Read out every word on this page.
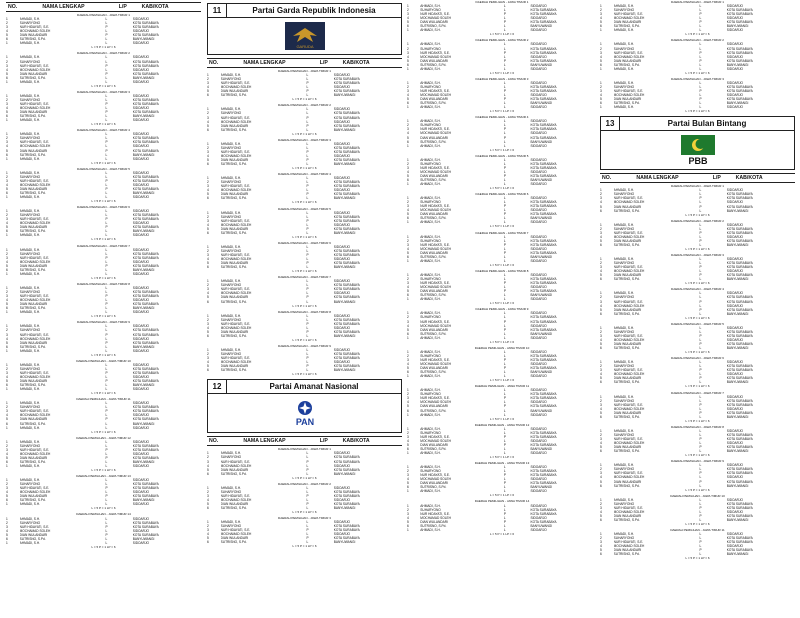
NO.	NAMA LENGKAP	L/P	KAB/KOTA
DAERAH PEMILIHAN - JAWA TIMUR 1
1	AHMADI, S.H.	L	SIDOARJO
2	SUHARYONO	L	KOTA SURABAYA
3	NUR HIDAYATI, S.E.	P	KOTA SURABAYA
4	MOCHAMAD SOLEH	L	SIDOARJO
5	DIAN WULANDARI	P	KOTA SURABAYA
6	SUTRISNO, S.Pd.	L	BANYUWANGI
1	AHMADI, S.H.	L	SIDOARJO
L = 5 P = 1 LP = 6
DAERAH PEMILIHAN - JAWA TIMUR 2
1	AHMADI, S.H.	L	SIDOARJO
2	SUHARYONO	L	KOTA SURABAYA
3	NUR HIDAYATI, S.E.	P	KOTA SURABAYA
4	MOCHAMAD SOLEH	L	SIDOARJO
5	DIAN WULANDARI	P	KOTA SURABAYA
6	SUTRISNO, S.Pd.	L	BANYUWANGI
1	AHMADI, S.H.	L	SIDOARJO
L = 5 P = 1 LP = 6
DAERAH PEMILIHAN - JAWA TIMUR 3
1	AHMADI, S.H.	L	SIDOARJO
2	SUHARYONO	L	KOTA SURABAYA
3	NUR HIDAYATI, S.E.	P	KOTA SURABAYA
4	MOCHAMAD SOLEH	L	SIDOARJO
5	DIAN WULANDARI	P	KOTA SURABAYA
6	SUTRISNO, S.Pd.	L	BANYUWANGI
1	AHMADI, S.H.	L	SIDOARJO
L = 5 P = 1 LP = 6
DAERAH PEMILIHAN - JAWA TIMUR 4
1	AHMADI, S.H.	L	SIDOARJO
2	SUHARYONO	L	KOTA SURABAYA
3	NUR HIDAYATI, S.E.	P	KOTA SURABAYA
4	MOCHAMAD SOLEH	L	SIDOARJO
5	DIAN WULANDARI	P	KOTA SURABAYA
6	SUTRISNO, S.Pd.	L	BANYUWANGI
1	AHMADI, S.H.	L	SIDOARJO
L = 5 P = 1 LP = 6
DAERAH PEMILIHAN - JAWA TIMUR 5
1	AHMADI, S.H.	L	SIDOARJO
2	SUHARYONO	L	KOTA SURABAYA
3	NUR HIDAYATI, S.E.	P	KOTA SURABAYA
4	MOCHAMAD SOLEH	L	SIDOARJO
5	DIAN WULANDARI	P	KOTA SURABAYA
6	SUTRISNO, S.Pd.	L	BANYUWANGI
1	AHMADI, S.H.	L	SIDOARJO
L = 5 P = 1 LP = 6
DAERAH PEMILIHAN - JAWA TIMUR 6
1	AHMADI, S.H.	L	SIDOARJO
2	SUHARYONO	L	KOTA SURABAYA
3	NUR HIDAYATI, S.E.	P	KOTA SURABAYA
4	MOCHAMAD SOLEH	L	SIDOARJO
5	DIAN WULANDARI	P	KOTA SURABAYA
6	SUTRISNO, S.Pd.	L	BANYUWANGI
1	AHMADI, S.H.	L	SIDOARJO
L = 5 P = 1 LP = 6
DAERAH PEMILIHAN - JAWA TIMUR 7
1	AHMADI, S.H.	L	SIDOARJO
2	SUHARYONO	L	KOTA SURABAYA
3	NUR HIDAYATI, S.E.	P	KOTA SURABAYA
4	MOCHAMAD SOLEH	L	SIDOARJO
5	DIAN WULANDARI	P	KOTA SURABAYA
6	SUTRISNO, S.Pd.	L	BANYUWANGI
1	AHMADI, S.H.	L	SIDOARJO
L = 5 P = 1 LP = 6
DAERAH PEMILIHAN - JAWA TIMUR 8
1	AHMADI, S.H.	L	SIDOARJO
2	SUHARYONO	L	KOTA SURABAYA
3	NUR HIDAYATI, S.E.	P	KOTA SURABAYA
4	MOCHAMAD SOLEH	L	SIDOARJO
5	DIAN WULANDARI	P	KOTA SURABAYA
6	SUTRISNO, S.Pd.	L	BANYUWANGI
1	AHMADI, S.H.	L	SIDOARJO
L = 5 P = 1 LP = 6
DAERAH PEMILIHAN - JAWA TIMUR 9
1	AHMADI, S.H.	L	SIDOARJO
2	SUHARYONO	L	KOTA SURABAYA
3	NUR HIDAYATI, S.E.	P	KOTA SURABAYA
4	MOCHAMAD SOLEH	L	SIDOARJO
5	DIAN WULANDARI	P	KOTA SURABAYA
6	SUTRISNO, S.Pd.	L	BANYUWANGI
1	AHMADI, S.H.	L	SIDOARJO
L = 5 P = 1 LP = 6
DAERAH PEMILIHAN - JAWA TIMUR 10
1	AHMADI, S.H.	L	SIDOARJO
2	SUHARYONO	L	KOTA SURABAYA
3	NUR HIDAYATI, S.E.	P	KOTA SURABAYA
4	MOCHAMAD SOLEH	L	SIDOARJO
5	DIAN WULANDARI	P	KOTA SURABAYA
6	SUTRISNO, S.Pd.	L	BANYUWANGI
1	AHMADI, S.H.	L	SIDOARJO
L = 5 P = 1 LP = 6
DAERAH PEMILIHAN - JAWA TIMUR 11
1	AHMADI, S.H.	L	SIDOARJO
2	SUHARYONO	L	KOTA SURABAYA
3	NUR HIDAYATI, S.E.	P	KOTA SURABAYA
4	MOCHAMAD SOLEH	L	SIDOARJO
5	DIAN WULANDARI	P	KOTA SURABAYA
6	SUTRISNO, S.Pd.	L	BANYUWANGI
1	AHMADI, S.H.	L	SIDOARJO
L = 5 P = 1 LP = 6
DAERAH PEMILIHAN - JAWA TIMUR 12
1	AHMADI, S.H.	L	SIDOARJO
2	SUHARYONO	L	KOTA SURABAYA
3	NUR HIDAYATI, S.E.	P	KOTA SURABAYA
4	MOCHAMAD SOLEH	L	SIDOARJO
5	DIAN WULANDARI	P	KOTA SURABAYA
6	SUTRISNO, S.Pd.	L	BANYUWANGI
1	AHMADI, S.H.	L	SIDOARJO
L = 5 P = 1 LP = 6
DAERAH PEMILIHAN - JAWA TIMUR 13
1	AHMADI, S.H.	L	SIDOARJO
2	SUHARYONO	L	KOTA SURABAYA
3	NUR HIDAYATI, S.E.	P	KOTA SURABAYA
4	MOCHAMAD SOLEH	L	SIDOARJO
5	DIAN WULANDARI	P	KOTA SURABAYA
6	SUTRISNO, S.Pd.	L	BANYUWANGI
1	AHMADI, S.H.	L	SIDOARJO
L = 5 P = 1 LP = 6
DAERAH PEMILIHAN - JAWA TIMUR 14
1	AHMADI, S.H.	L	SIDOARJO
2	SUHARYONO	L	KOTA SURABAYA
3	NUR HIDAYATI, S.E.	P	KOTA SURABAYA
4	MOCHAMAD SOLEH	L	SIDOARJO
5	DIAN WULANDARI	P	KOTA SURABAYA
6	SUTRISNO, S.Pd.	L	BANYUWANGI
1	AHMADI, S.H.	L	SIDOARJO
L = 5 P = 1 LP = 6
11	Partai Garda Republik Indonesia
GARUDA
NO.	NAMA LENGKAP	L/P	KAB/KOTA
DAERAH PEMILIHAN - JAWA TIMUR 1
1	AHMADI, S.H.	L	SIDOARJO
2	SUHARYONO	L	KOTA SURABAYA
3	NUR HIDAYATI, S.E.	P	KOTA SURABAYA
4	MOCHAMAD SOLEH	L	SIDOARJO
5	DIAN WULANDARI	P	KOTA SURABAYA
6	SUTRISNO, S.Pd.	L	BANYUWANGI
L = 5 P = 1 LP = 6
DAERAH PEMILIHAN - JAWA TIMUR 2
1	AHMADI, S.H.	L	SIDOARJO
2	SUHARYONO	L	KOTA SURABAYA
3	NUR HIDAYATI, S.E.	P	KOTA SURABAYA
4	MOCHAMAD SOLEH	L	SIDOARJO
5	DIAN WULANDARI	P	KOTA SURABAYA
6	SUTRISNO, S.Pd.	L	BANYUWANGI
L = 5 P = 1 LP = 6
DAERAH PEMILIHAN - JAWA TIMUR 3
1	AHMADI, S.H.	L	SIDOARJO
2	SUHARYONO	L	KOTA SURABAYA
3	NUR HIDAYATI, S.E.	P	KOTA SURABAYA
4	MOCHAMAD SOLEH	L	SIDOARJO
5	DIAN WULANDARI	P	KOTA SURABAYA
6	SUTRISNO, S.Pd.	L	BANYUWANGI
L = 5 P = 1 LP = 6
DAERAH PEMILIHAN - JAWA TIMUR 4
1	AHMADI, S.H.	L	SIDOARJO
2	SUHARYONO	L	KOTA SURABAYA
3	NUR HIDAYATI, S.E.	P	KOTA SURABAYA
4	MOCHAMAD SOLEH	L	SIDOARJO
5	DIAN WULANDARI	P	KOTA SURABAYA
6	SUTRISNO, S.Pd.	L	BANYUWANGI
L = 5 P = 1 LP = 6
DAERAH PEMILIHAN - JAWA TIMUR 5
1	AHMADI, S.H.	L	SIDOARJO
2	SUHARYONO	L	KOTA SURABAYA
3	NUR HIDAYATI, S.E.	P	KOTA SURABAYA
4	MOCHAMAD SOLEH	L	SIDOARJO
5	DIAN WULANDARI	P	KOTA SURABAYA
6	SUTRISNO, S.Pd.	L	BANYUWANGI
L = 5 P = 1 LP = 6
DAERAH PEMILIHAN - JAWA TIMUR 6
1	AHMADI, S.H.	L	SIDOARJO
2	SUHARYONO	L	KOTA SURABAYA
3	NUR HIDAYATI, S.E.	P	KOTA SURABAYA
4	MOCHAMAD SOLEH	L	SIDOARJO
5	DIAN WULANDARI	P	KOTA SURABAYA
6	SUTRISNO, S.Pd.	L	BANYUWANGI
L = 5 P = 1 LP = 6
DAERAH PEMILIHAN - JAWA TIMUR 7
1	AHMADI, S.H.	L	SIDOARJO
2	SUHARYONO	L	KOTA SURABAYA
3	NUR HIDAYATI, S.E.	P	KOTA SURABAYA
4	MOCHAMAD SOLEH	L	SIDOARJO
5	DIAN WULANDARI	P	KOTA SURABAYA
6	SUTRISNO, S.Pd.	L	BANYUWANGI
L = 5 P = 1 LP = 6
DAERAH PEMILIHAN - JAWA TIMUR 8
1	AHMADI, S.H.	L	SIDOARJO
2	SUHARYONO	L	KOTA SURABAYA
3	NUR HIDAYATI, S.E.	P	KOTA SURABAYA
4	MOCHAMAD SOLEH	L	SIDOARJO
5	DIAN WULANDARI	P	KOTA SURABAYA
6	SUTRISNO, S.Pd.	L	BANYUWANGI
L = 5 P = 1 LP = 6
DAERAH PEMILIHAN - JAWA TIMUR 9
1	AHMADI, S.H.	L	SIDOARJO
2	SUHARYONO	L	KOTA SURABAYA
3	NUR HIDAYATI, S.E.	P	KOTA SURABAYA
4	MOCHAMAD SOLEH	L	SIDOARJO
5	DIAN WULANDARI	P	KOTA SURABAYA
6	SUTRISNO, S.Pd.	L	BANYUWANGI
L = 5 P = 1 LP = 6
12	Partai Amanat Nasional
PAN
NO.	NAMA LENGKAP	L/P	KAB/KOTA
DAERAH PEMILIHAN - JAWA TIMUR 1
1	AHMADI, S.H.	L	SIDOARJO
2	SUHARYONO	L	KOTA SURABAYA
3	NUR HIDAYATI, S.E.	P	KOTA SURABAYA
4	MOCHAMAD SOLEH	L	SIDOARJO
5	DIAN WULANDARI	P	KOTA SURABAYA
6	SUTRISNO, S.Pd.	L	BANYUWANGI
L = 5 P = 1 LP = 6
DAERAH PEMILIHAN - JAWA TIMUR 2
1	AHMADI, S.H.	L	SIDOARJO
2	SUHARYONO	L	KOTA SURABAYA
3	NUR HIDAYATI, S.E.	P	KOTA SURABAYA
4	MOCHAMAD SOLEH	L	SIDOARJO
5	DIAN WULANDARI	P	KOTA SURABAYA
6	SUTRISNO, S.Pd.	L	BANYUWANGI
L = 5 P = 1 LP = 6
DAERAH PEMILIHAN - JAWA TIMUR 3
1	AHMADI, S.H.	L	SIDOARJO
2	SUHARYONO	L	KOTA SURABAYA
3	NUR HIDAYATI, S.E.	P	KOTA SURABAYA
4	MOCHAMAD SOLEH	L	SIDOARJO
5	DIAN WULANDARI	P	KOTA SURABAYA
6	SUTRISNO, S.Pd.	L	BANYUWANGI
L = 5 P = 1 LP = 6
DAERAH PEMILIHAN - JAWA TIMUR 1
1	AHMADI, S.H.	L	SIDOARJO
2	SUHARYONO	L	KOTA SURABAYA
3	NUR HIDAYATI, S.E.	P	KOTA SURABAYA
4	MOCHAMAD SOLEH	L	SIDOARJO
5	DIAN WULANDARI	P	KOTA SURABAYA
6	SUTRISNO, S.Pd.	L	BANYUWANGI
1	AHMADI, S.H.	L	SIDOARJO
L = 5 P = 1 LP = 6
DAERAH PEMILIHAN - JAWA TIMUR 2
1	AHMADI, S.H.	L	SIDOARJO
2	SUHARYONO	L	KOTA SURABAYA
3	NUR HIDAYATI, S.E.	P	KOTA SURABAYA
4	MOCHAMAD SOLEH	L	SIDOARJO
5	DIAN WULANDARI	P	KOTA SURABAYA
6	SUTRISNO, S.Pd.	L	BANYUWANGI
1	AHMADI, S.H.	L	SIDOARJO
L = 5 P = 1 LP = 6
DAERAH PEMILIHAN - JAWA TIMUR 3
1	AHMADI, S.H.	L	SIDOARJO
2	SUHARYONO	L	KOTA SURABAYA
3	NUR HIDAYATI, S.E.	P	KOTA SURABAYA
4	MOCHAMAD SOLEH	L	SIDOARJO
5	DIAN WULANDARI	P	KOTA SURABAYA
6	SUTRISNO, S.Pd.	L	BANYUWANGI
1	AHMADI, S.H.	L	SIDOARJO
L = 5 P = 1 LP = 6
DAERAH PEMILIHAN - JAWA TIMUR 4
1	AHMADI, S.H.	L	SIDOARJO
2	SUHARYONO	L	KOTA SURABAYA
3	NUR HIDAYATI, S.E.	P	KOTA SURABAYA
4	MOCHAMAD SOLEH	L	SIDOARJO
5	DIAN WULANDARI	P	KOTA SURABAYA
6	SUTRISNO, S.Pd.	L	BANYUWANGI
1	AHMADI, S.H.	L	SIDOARJO
L = 5 P = 1 LP = 6
DAERAH PEMILIHAN - JAWA TIMUR 5
1	AHMADI, S.H.	L	SIDOARJO
2	SUHARYONO	L	KOTA SURABAYA
3	NUR HIDAYATI, S.E.	P	KOTA SURABAYA
4	MOCHAMAD SOLEH	L	SIDOARJO
5	DIAN WULANDARI	P	KOTA SURABAYA
6	SUTRISNO, S.Pd.	L	BANYUWANGI
1	AHMADI, S.H.	L	SIDOARJO
L = 5 P = 1 LP = 6
DAERAH PEMILIHAN - JAWA TIMUR 6
1	AHMADI, S.H.	L	SIDOARJO
2	SUHARYONO	L	KOTA SURABAYA
3	NUR HIDAYATI, S.E.	P	KOTA SURABAYA
4	MOCHAMAD SOLEH	L	SIDOARJO
5	DIAN WULANDARI	P	KOTA SURABAYA
6	SUTRISNO, S.Pd.	L	BANYUWANGI
1	AHMADI, S.H.	L	SIDOARJO
L = 5 P = 1 LP = 6
DAERAH PEMILIHAN - JAWA TIMUR 7
1	AHMADI, S.H.	L	SIDOARJO
2	SUHARYONO	L	KOTA SURABAYA
3	NUR HIDAYATI, S.E.	P	KOTA SURABAYA
4	MOCHAMAD SOLEH	L	SIDOARJO
5	DIAN WULANDARI	P	KOTA SURABAYA
6	SUTRISNO, S.Pd.	L	BANYUWANGI
1	AHMADI, S.H.	L	SIDOARJO
L = 5 P = 1 LP = 6
DAERAH PEMILIHAN - JAWA TIMUR 8
1	AHMADI, S.H.	L	SIDOARJO
2	SUHARYONO	L	KOTA SURABAYA
3	NUR HIDAYATI, S.E.	P	KOTA SURABAYA
4	MOCHAMAD SOLEH	L	SIDOARJO
5	DIAN WULANDARI	P	KOTA SURABAYA
6	SUTRISNO, S.Pd.	L	BANYUWANGI
1	AHMADI, S.H.	L	SIDOARJO
L = 5 P = 1 LP = 6
DAERAH PEMILIHAN - JAWA TIMUR 9
1	AHMADI, S.H.	L	SIDOARJO
2	SUHARYONO	L	KOTA SURABAYA
3	NUR HIDAYATI, S.E.	P	KOTA SURABAYA
4	MOCHAMAD SOLEH	L	SIDOARJO
5	DIAN WULANDARI	P	KOTA SURABAYA
6	SUTRISNO, S.Pd.	L	BANYUWANGI
1	AHMADI, S.H.	L	SIDOARJO
L = 5 P = 1 LP = 6
DAERAH PEMILIHAN - JAWA TIMUR 10
1	AHMADI, S.H.	L	SIDOARJO
2	SUHARYONO	L	KOTA SURABAYA
3	NUR HIDAYATI, S.E.	P	KOTA SURABAYA
4	MOCHAMAD SOLEH	L	SIDOARJO
5	DIAN WULANDARI	P	KOTA SURABAYA
6	SUTRISNO, S.Pd.	L	BANYUWANGI
1	AHMADI, S.H.	L	SIDOARJO
L = 5 P = 1 LP = 6
DAERAH PEMILIHAN - JAWA TIMUR 11
1	AHMADI, S.H.	L	SIDOARJO
2	SUHARYONO	L	KOTA SURABAYA
3	NUR HIDAYATI, S.E.	P	KOTA SURABAYA
4	MOCHAMAD SOLEH	L	SIDOARJO
5	DIAN WULANDARI	P	KOTA SURABAYA
6	SUTRISNO, S.Pd.	L	BANYUWANGI
1	AHMADI, S.H.	L	SIDOARJO
L = 5 P = 1 LP = 6
DAERAH PEMILIHAN - JAWA TIMUR 12
1	AHMADI, S.H.	L	SIDOARJO
2	SUHARYONO	L	KOTA SURABAYA
3	NUR HIDAYATI, S.E.	P	KOTA SURABAYA
4	MOCHAMAD SOLEH	L	SIDOARJO
5	DIAN WULANDARI	P	KOTA SURABAYA
6	SUTRISNO, S.Pd.	L	BANYUWANGI
1	AHMADI, S.H.	L	SIDOARJO
L = 5 P = 1 LP = 6
DAERAH PEMILIHAN - JAWA TIMUR 13
1	AHMADI, S.H.	L	SIDOARJO
2	SUHARYONO	L	KOTA SURABAYA
3	NUR HIDAYATI, S.E.	P	KOTA SURABAYA
4	MOCHAMAD SOLEH	L	SIDOARJO
5	DIAN WULANDARI	P	KOTA SURABAYA
6	SUTRISNO, S.Pd.	L	BANYUWANGI
1	AHMADI, S.H.	L	SIDOARJO
L = 5 P = 1 LP = 6
DAERAH PEMILIHAN - JAWA TIMUR 14
1	AHMADI, S.H.	L	SIDOARJO
2	SUHARYONO	L	KOTA SURABAYA
3	NUR HIDAYATI, S.E.	P	KOTA SURABAYA
4	MOCHAMAD SOLEH	L	SIDOARJO
5	DIAN WULANDARI	P	KOTA SURABAYA
6	SUTRISNO, S.Pd.	L	BANYUWANGI
1	AHMADI, S.H.	L	SIDOARJO
L = 5 P = 1 LP = 6
DAERAH PEMILIHAN - JAWA TIMUR 1
1	AHMADI, S.H.	L	SIDOARJO
2	SUHARYONO	L	KOTA SURABAYA
3	NUR HIDAYATI, S.E.	P	KOTA SURABAYA
4	MOCHAMAD SOLEH	L	SIDOARJO
5	DIAN WULANDARI	P	KOTA SURABAYA
6	SUTRISNO, S.Pd.	L	BANYUWANGI
1	AHMADI, S.H.	L	SIDOARJO
L = 5 P = 1 LP = 6
DAERAH PEMILIHAN - JAWA TIMUR 2
1	AHMADI, S.H.	L	SIDOARJO
2	SUHARYONO	L	KOTA SURABAYA
3	NUR HIDAYATI, S.E.	P	KOTA SURABAYA
4	MOCHAMAD SOLEH	L	SIDOARJO
5	DIAN WULANDARI	P	KOTA SURABAYA
6	SUTRISNO, S.Pd.	L	BANYUWANGI
1	AHMADI, S.H.	L	SIDOARJO
L = 5 P = 1 LP = 6
DAERAH PEMILIHAN - JAWA TIMUR 3
1	AHMADI, S.H.	L	SIDOARJO
2	SUHARYONO	L	KOTA SURABAYA
3	NUR HIDAYATI, S.E.	P	KOTA SURABAYA
4	MOCHAMAD SOLEH	L	SIDOARJO
5	DIAN WULANDARI	P	KOTA SURABAYA
6	SUTRISNO, S.Pd.	L	BANYUWANGI
1	AHMADI, S.H.	L	SIDOARJO
L = 5 P = 1 LP = 6
13	Partai Bulan Bintang
PBB
NO.	NAMA LENGKAP	L/P	KAB/KOTA
DAERAH PEMILIHAN - JAWA TIMUR 1
1	AHMADI, S.H.	L	SIDOARJO
2	SUHARYONO	L	KOTA SURABAYA
3	NUR HIDAYATI, S.E.	P	KOTA SURABAYA
4	MOCHAMAD SOLEH	L	SIDOARJO
5	DIAN WULANDARI	P	KOTA SURABAYA
6	SUTRISNO, S.Pd.	L	BANYUWANGI
L = 5 P = 1 LP = 6
DAERAH PEMILIHAN - JAWA TIMUR 2
1	AHMADI, S.H.	L	SIDOARJO
2	SUHARYONO	L	KOTA SURABAYA
3	NUR HIDAYATI, S.E.	P	KOTA SURABAYA
4	MOCHAMAD SOLEH	L	SIDOARJO
5	DIAN WULANDARI	P	KOTA SURABAYA
6	SUTRISNO, S.Pd.	L	BANYUWANGI
L = 5 P = 1 LP = 6
DAERAH PEMILIHAN - JAWA TIMUR 3
1	AHMADI, S.H.	L	SIDOARJO
2	SUHARYONO	L	KOTA SURABAYA
3	NUR HIDAYATI, S.E.	P	KOTA SURABAYA
4	MOCHAMAD SOLEH	L	SIDOARJO
5	DIAN WULANDARI	P	KOTA SURABAYA
6	SUTRISNO, S.Pd.	L	BANYUWANGI
L = 5 P = 1 LP = 6
DAERAH PEMILIHAN - JAWA TIMUR 4
1	AHMADI, S.H.	L	SIDOARJO
2	SUHARYONO	L	KOTA SURABAYA
3	NUR HIDAYATI, S.E.	P	KOTA SURABAYA
4	MOCHAMAD SOLEH	L	SIDOARJO
5	DIAN WULANDARI	P	KOTA SURABAYA
6	SUTRISNO, S.Pd.	L	BANYUWANGI
L = 5 P = 1 LP = 6
DAERAH PEMILIHAN - JAWA TIMUR 5
1	AHMADI, S.H.	L	SIDOARJO
2	SUHARYONO	L	KOTA SURABAYA
3	NUR HIDAYATI, S.E.	P	KOTA SURABAYA
4	MOCHAMAD SOLEH	L	SIDOARJO
5	DIAN WULANDARI	P	KOTA SURABAYA
6	SUTRISNO, S.Pd.	L	BANYUWANGI
L = 5 P = 1 LP = 6
DAERAH PEMILIHAN - JAWA TIMUR 6
1	AHMADI, S.H.	L	SIDOARJO
2	SUHARYONO	L	KOTA SURABAYA
3	NUR HIDAYATI, S.E.	P	KOTA SURABAYA
4	MOCHAMAD SOLEH	L	SIDOARJO
5	DIAN WULANDARI	P	KOTA SURABAYA
6	SUTRISNO, S.Pd.	L	BANYUWANGI
L = 5 P = 1 LP = 6
DAERAH PEMILIHAN - JAWA TIMUR 7
1	AHMADI, S.H.	L	SIDOARJO
2	SUHARYONO	L	KOTA SURABAYA
3	NUR HIDAYATI, S.E.	P	KOTA SURABAYA
4	MOCHAMAD SOLEH	L	SIDOARJO
5	DIAN WULANDARI	P	KOTA SURABAYA
6	SUTRISNO, S.Pd.	L	BANYUWANGI
L = 5 P = 1 LP = 6
DAERAH PEMILIHAN - JAWA TIMUR 8
1	AHMADI, S.H.	L	SIDOARJO
2	SUHARYONO	L	KOTA SURABAYA
3	NUR HIDAYATI, S.E.	P	KOTA SURABAYA
4	MOCHAMAD SOLEH	L	SIDOARJO
5	DIAN WULANDARI	P	KOTA SURABAYA
6	SUTRISNO, S.Pd.	L	BANYUWANGI
L = 5 P = 1 LP = 6
DAERAH PEMILIHAN - JAWA TIMUR 9
1	AHMADI, S.H.	L	SIDOARJO
2	SUHARYONO	L	KOTA SURABAYA
3	NUR HIDAYATI, S.E.	P	KOTA SURABAYA
4	MOCHAMAD SOLEH	L	SIDOARJO
5	DIAN WULANDARI	P	KOTA SURABAYA
6	SUTRISNO, S.Pd.	L	BANYUWANGI
L = 5 P = 1 LP = 6
DAERAH PEMILIHAN - JAWA TIMUR 10
1	AHMADI, S.H.	L	SIDOARJO
2	SUHARYONO	L	KOTA SURABAYA
3	NUR HIDAYATI, S.E.	P	KOTA SURABAYA
4	MOCHAMAD SOLEH	L	SIDOARJO
5	DIAN WULANDARI	P	KOTA SURABAYA
6	SUTRISNO, S.Pd.	L	BANYUWANGI
L = 5 P = 1 LP = 6
DAERAH PEMILIHAN - JAWA TIMUR 11
1	AHMADI, S.H.	L	SIDOARJO
2	SUHARYONO	L	KOTA SURABAYA
3	NUR HIDAYATI, S.E.	P	KOTA SURABAYA
4	MOCHAMAD SOLEH	L	SIDOARJO
5	DIAN WULANDARI	P	KOTA SURABAYA
6	SUTRISNO, S.Pd.	L	BANYUWANGI
L = 5 P = 1 LP = 6
